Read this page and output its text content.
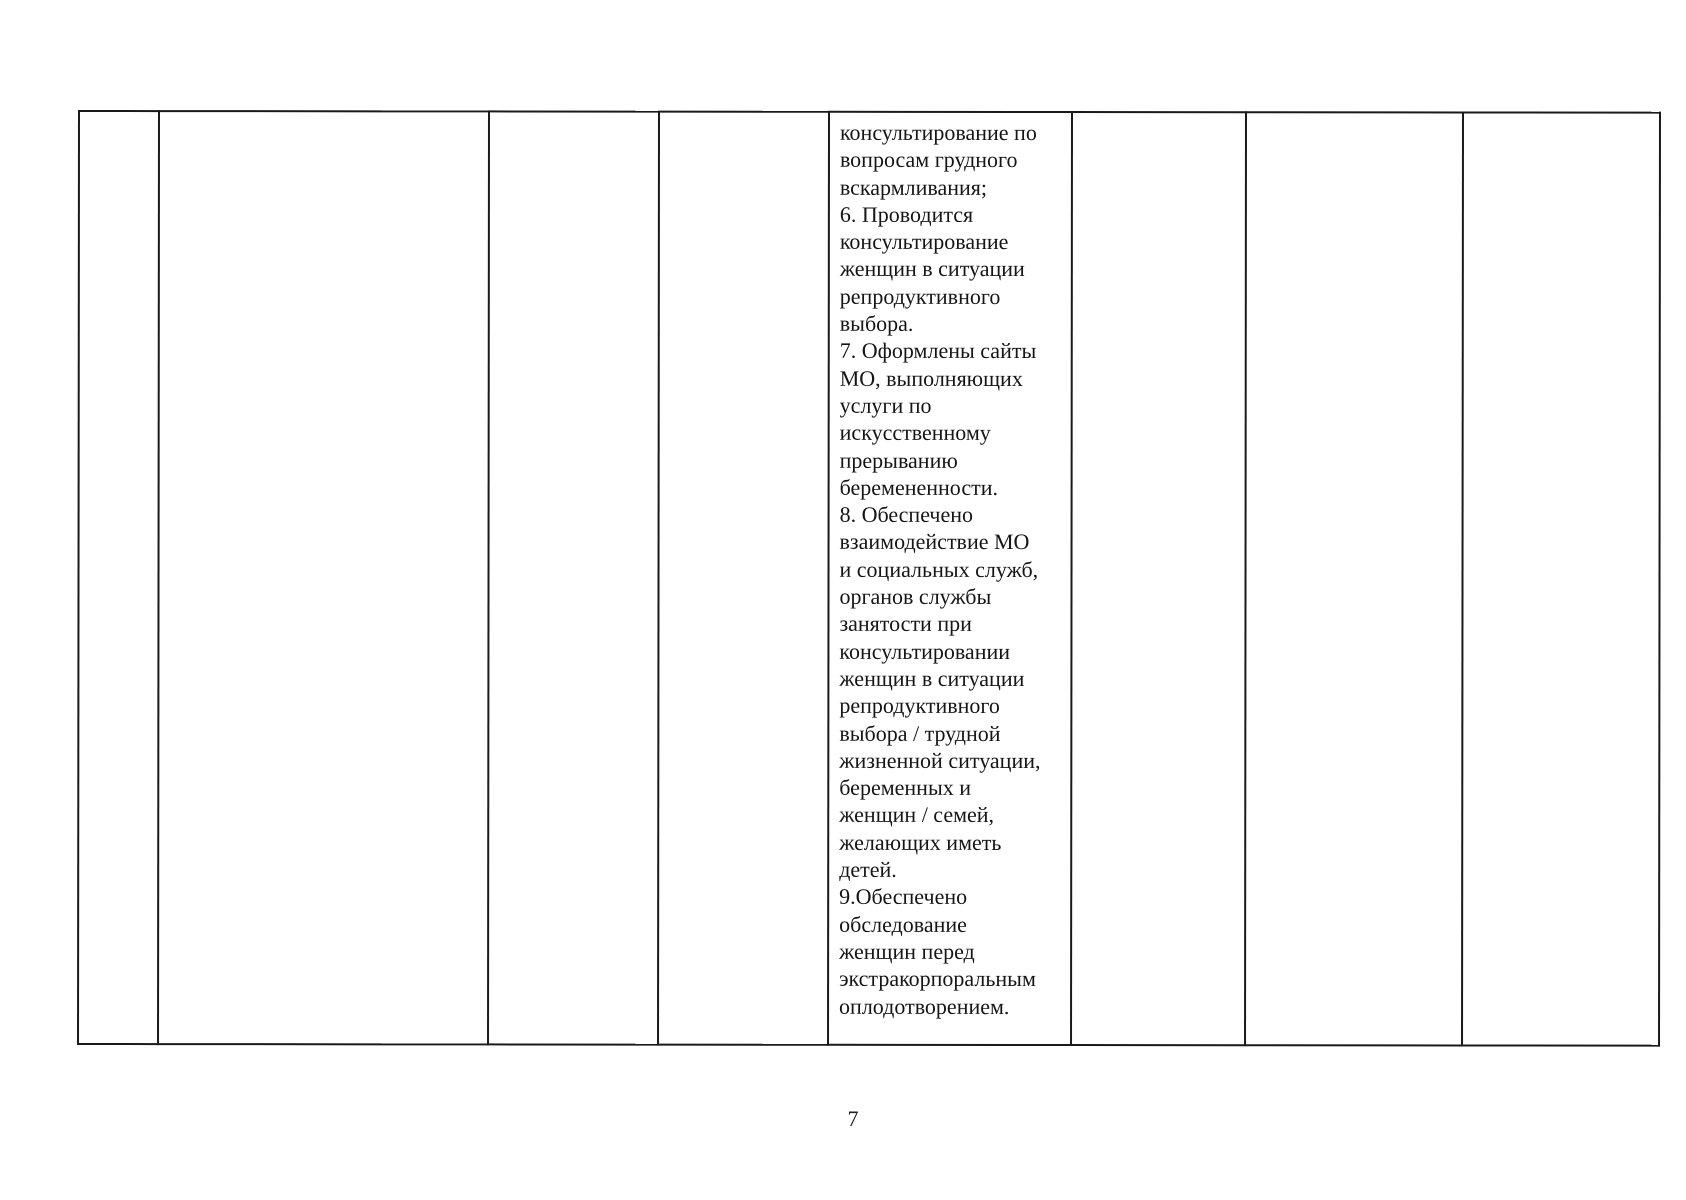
консультирование по
вопросам грудного
вскармливания;
6. Проводится
консультирование
женщин в ситуации
репродуктивного
выбора.
7. Оформлены сайты
МО, выполняющих
услуги по
искусственному
прерыванию
беремененности.
8. Обеспечено
взаимодействие МО
и социальных служб,
органов службы
занятости при
консультировании
женщин в ситуации
репродуктивного
выбора / трудной
жизненной ситуации,
беременных и
женщин / семей,
желающих иметь
детей.
9.Обеспечено
обследование
женщин перед
экстракорпоральным
оплодотворением.

7
